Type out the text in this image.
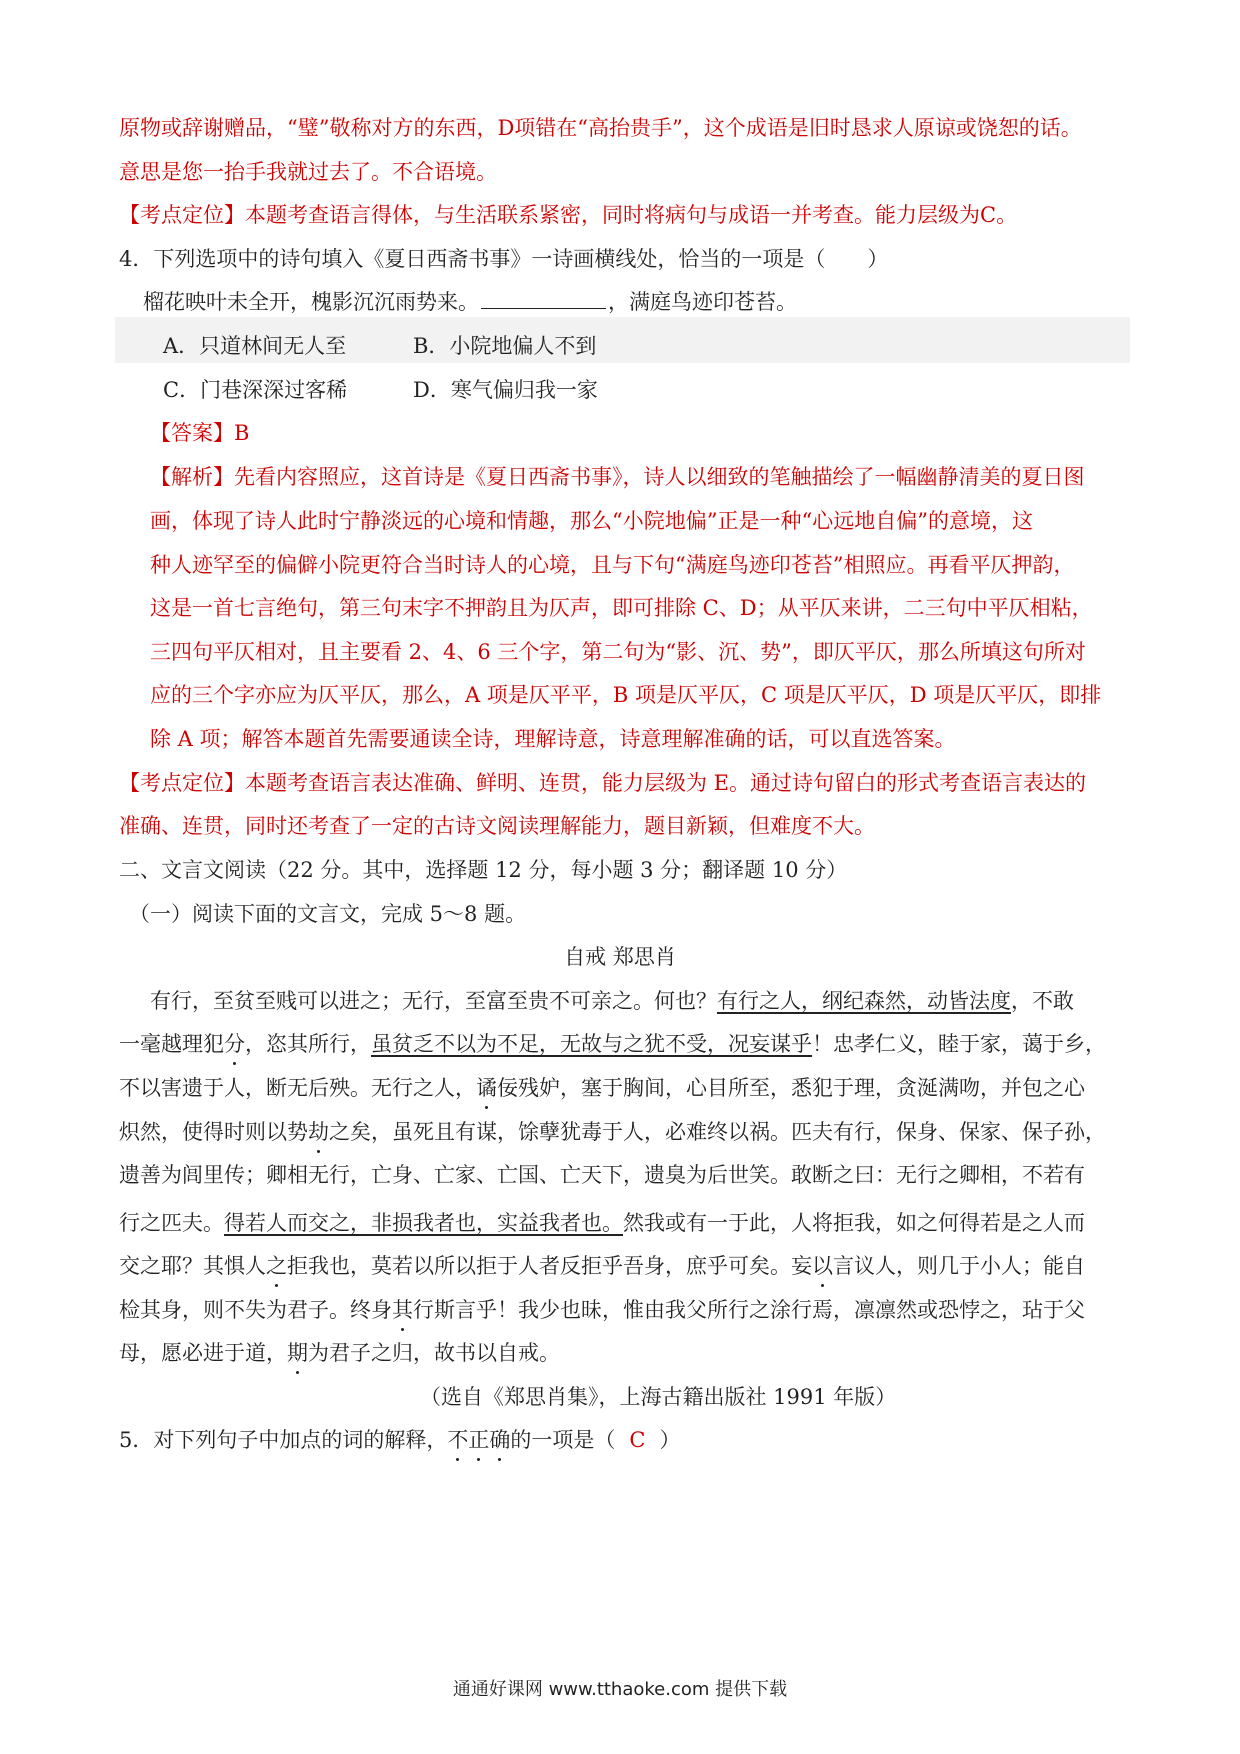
原物或辞谢赠品，“璧”敬称对方的东西，D项错在“高抬贵手”，这个成语是旧时恳求人原谅或饶恕的话。
意思是您一抬手我就过去了。不合语境。
【考点定位】本题考查语言得体，与生活联系紧密，同时将病句与成语一并考查。能力层级为C。
4．下列选项中的诗句填入《夏日西斋书事》一诗画横线处，恰当的一项是（　　）
榴花映叶未全开，槐影沉沉雨势来。	，满庭鸟迹印苍苔。
A．只道林间无人至	B．小院地偏人不到
C．门巷深深过客稀	D．寒气偏归我一家
【答案】B
【解析】先看内容照应，这首诗是《夏日西斋书事》，诗人以细致的笔触描绘了一幅幽静清美的夏日图
画，体现了诗人此时宁静淡远的心境和情趣，那么“小院地偏”正是一种“心远地自偏”的意境，这
种人迹罕至的偏僻小院更符合当时诗人的心境，且与下句“满庭鸟迹印苍苔”相照应。再看平仄押韵，
这是一首七言绝句，第三句末字不押韵且为仄声，即可排除 C、D；从平仄来讲，二三句中平仄相粘，
三四句平仄相对，且主要看 2、4、6 三个字，第二句为“影、沉、势”，即仄平仄，那么所填这句所对
应的三个字亦应为仄平仄，那么，A 项是仄平平，B 项是仄平仄，C 项是仄平仄，D 项是仄平仄，即排
除 A 项；解答本题首先需要通读全诗，理解诗意，诗意理解准确的话，可以直选答案。
【考点定位】本题考查语言表达准确、鲜明、连贯，能力层级为 E。通过诗句留白的形式考查语言表达的
准确、连贯，同时还考查了一定的古诗文阅读理解能力，题目新颖，但难度不大。
二、文言文阅读（22 分。其中，选择题 12 分，每小题 3 分；翻译题 10 分）
（一）阅读下面的文言文，完成 5～8 题。
自戒 郑思肖
有行，至贫至贱可以进之；无行，至富至贵不可亲之。何也？有行之人，纲纪森然，动皆法度，不敢
一毫越理犯分，恣其所行，虽贫乏不以为不足，无故与之犹不受，况妄谋乎！忠孝仁义，睦于家，蔼于乡，
不以害遗于人，断无后殃。无行之人，谲佞残妒，塞于胸间，心目所至，悉犯于理，贪涎满吻，并包之心
炽然，使得时则以势劫之矣，虽死且有谋，馀孽犹毒于人，必难终以祸。匹夫有行，保身、保家、保子孙，
遗善为闾里传；卿相无行，亡身、亡家、亡国、亡天下，遗臭为后世笑。敢断之曰：无行之卿相，不若有
行之匹夫。得若人而交之，非损我者也，实益我者也。然我或有一于此，人将拒我，如之何得若是之人而
交之耶？其惧人之拒我也，莫若以所以拒于人者反拒乎吾身，庶乎可矣。妄以言议人，则几于小人；能自
检其身，则不失为君子。终身其行斯言乎！我少也昧，惟由我父所行之涂行焉，凛凛然或恐悖之，玷于父
母，愿必进于道，期为君子之归，故书以自戒。
（选自《郑思肖集》，上海古籍出版社 1991 年版）
5．对下列句子中加点的词的解释，不正确的一项是（ C ）
通通好课网 www.tthaoke.com 提供下载
